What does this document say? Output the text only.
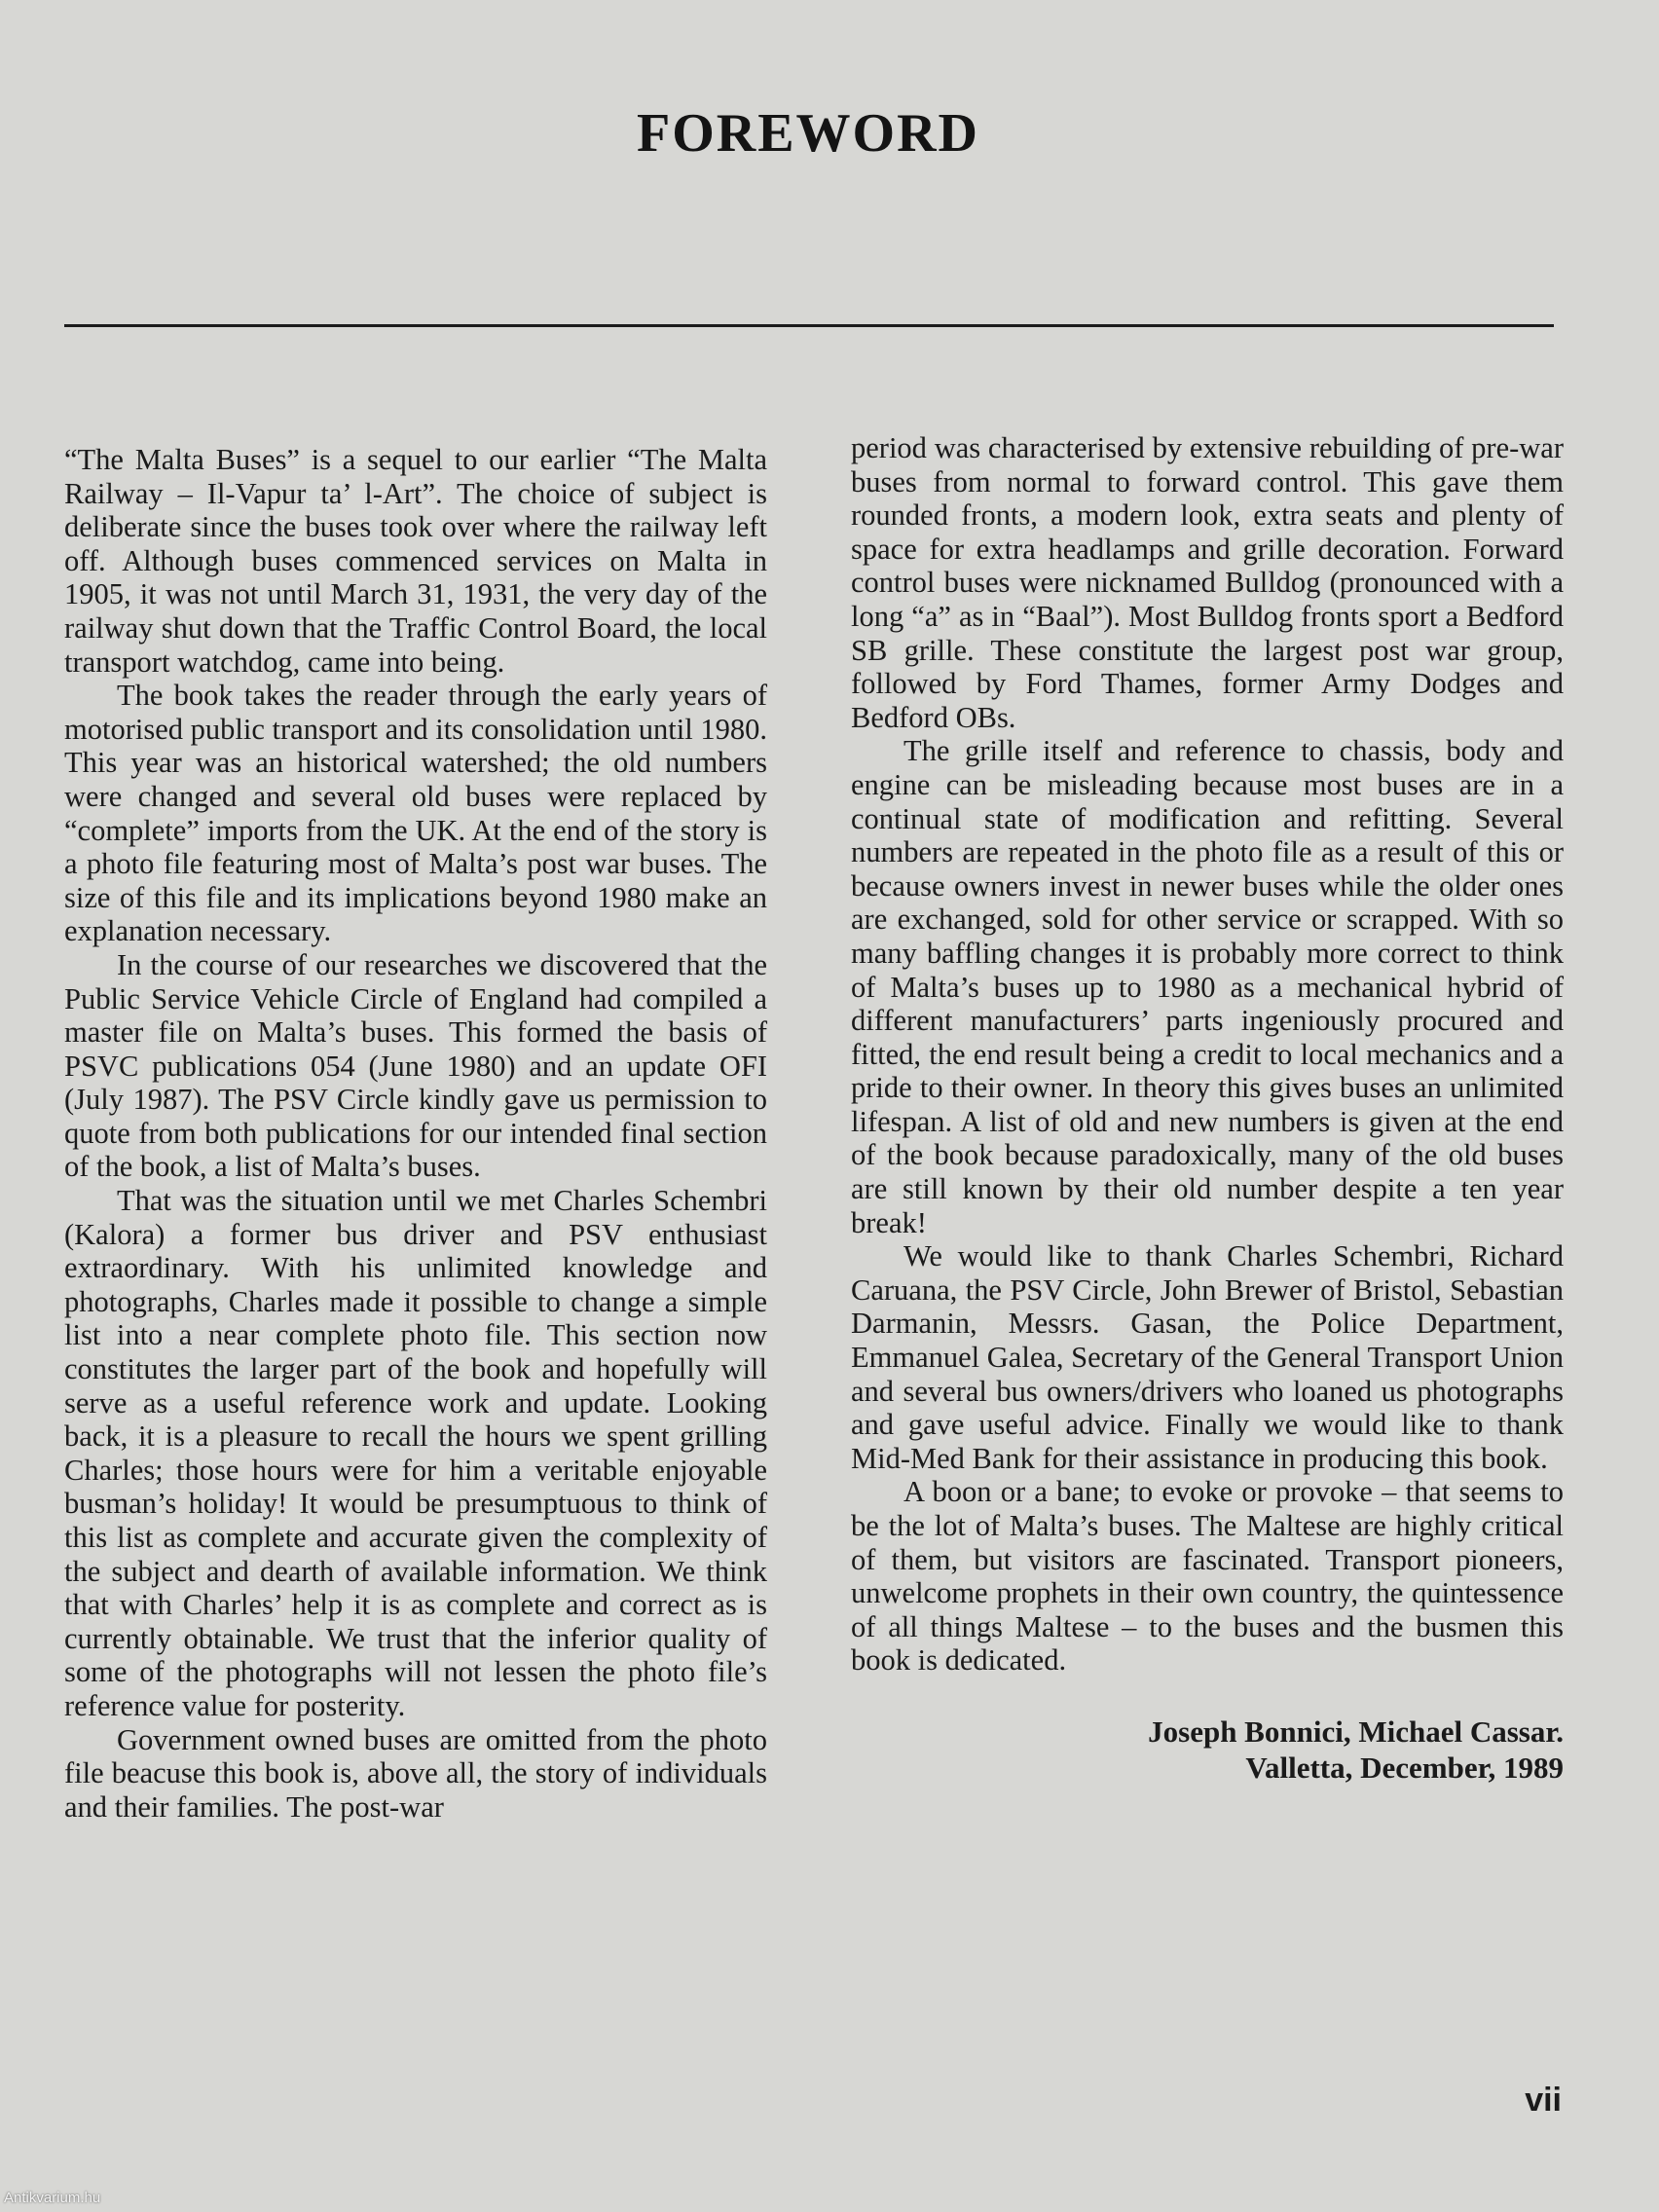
FOREWORD

“The Malta Buses” is a sequel to our earlier “The Malta Railway – Il-Vapur ta’ l-Art”. The choice of subject is deliberate since the buses took over where the railway left off. Although buses commenced services on Malta in 1905, it was not until March 31, 1931, the very day of the railway shut down that the Traffic Control Board, the local transport watchdog, came into being.

The book takes the reader through the early years of motorised public transport and its consolidation until 1980. This year was an historical watershed; the old numbers were changed and several old buses were replaced by “complete” imports from the UK. At the end of the story is a photo file featuring most of Malta’s post war buses. The size of this file and its implications beyond 1980 make an explanation necessary.

In the course of our researches we discovered that the Public Service Vehicle Circle of England had compiled a master file on Malta’s buses. This formed the basis of PSVC publications 054 (June 1980) and an update OFI (July 1987). The PSV Circle kindly gave us permission to quote from both publications for our intended final section of the book, a list of Malta’s buses.

That was the situation until we met Charles Schembri (Kalora) a former bus driver and PSV enthusiast extraordinary. With his unlimited knowledge and photographs, Charles made it possible to change a simple list into a near complete photo file. This section now constitutes the larger part of the book and hopefully will serve as a useful reference work and update. Looking back, it is a pleasure to recall the hours we spent grilling Charles; those hours were for him a veritable enjoyable busman’s holiday! It would be presumptuous to think of this list as complete and accurate given the complexity of the subject and dearth of available information. We think that with Charles’ help it is as complete and correct as is currently obtainable. We trust that the inferior quality of some of the photographs will not lessen the photo file’s reference value for posterity.

Government owned buses are omitted from the photo file beacuse this book is, above all, the story of individuals and their families. The post-war

period was characterised by extensive rebuilding of pre-war buses from normal to forward control. This gave them rounded fronts, a modern look, extra seats and plenty of space for extra headlamps and grille decoration. Forward control buses were nicknamed Bulldog (pronounced with a long “a” as in “Baal”). Most Bulldog fronts sport a Bedford SB grille. These constitute the largest post war group, followed by Ford Thames, former Army Dodges and Bedford OBs.

The grille itself and reference to chassis, body and engine can be misleading because most buses are in a continual state of modification and refitting. Several numbers are repeated in the photo file as a result of this or because owners invest in newer buses while the older ones are exchanged, sold for other service or scrapped. With so many baffling changes it is probably more correct to think of Malta’s buses up to 1980 as a mechanical hybrid of different manufacturers’ parts ingeniously procured and fitted, the end result being a credit to local mechanics and a pride to their owner. In theory this gives buses an unlimited lifespan. A list of old and new numbers is given at the end of the book because paradoxically, many of the old buses are still known by their old number despite a ten year break!

We would like to thank Charles Schembri, Richard Caruana, the PSV Circle, John Brewer of Bristol, Sebastian Darmanin, Messrs. Gasan, the Police Department, Emmanuel Galea, Secretary of the General Transport Union and several bus owners/drivers who loaned us photographs and gave useful advice. Finally we would like to thank Mid-Med Bank for their assistance in producing this book.

A boon or a bane; to evoke or provoke – that seems to be the lot of Malta’s buses. The Maltese are highly critical of them, but visitors are fascinated. Transport pioneers, unwelcome prophets in their own country, the quintessence of all things Maltese – to the buses and the busmen this book is dedicated.

Joseph Bonnici, Michael Cassar.
Valletta, December, 1989
vii
Antikvarium.hu
